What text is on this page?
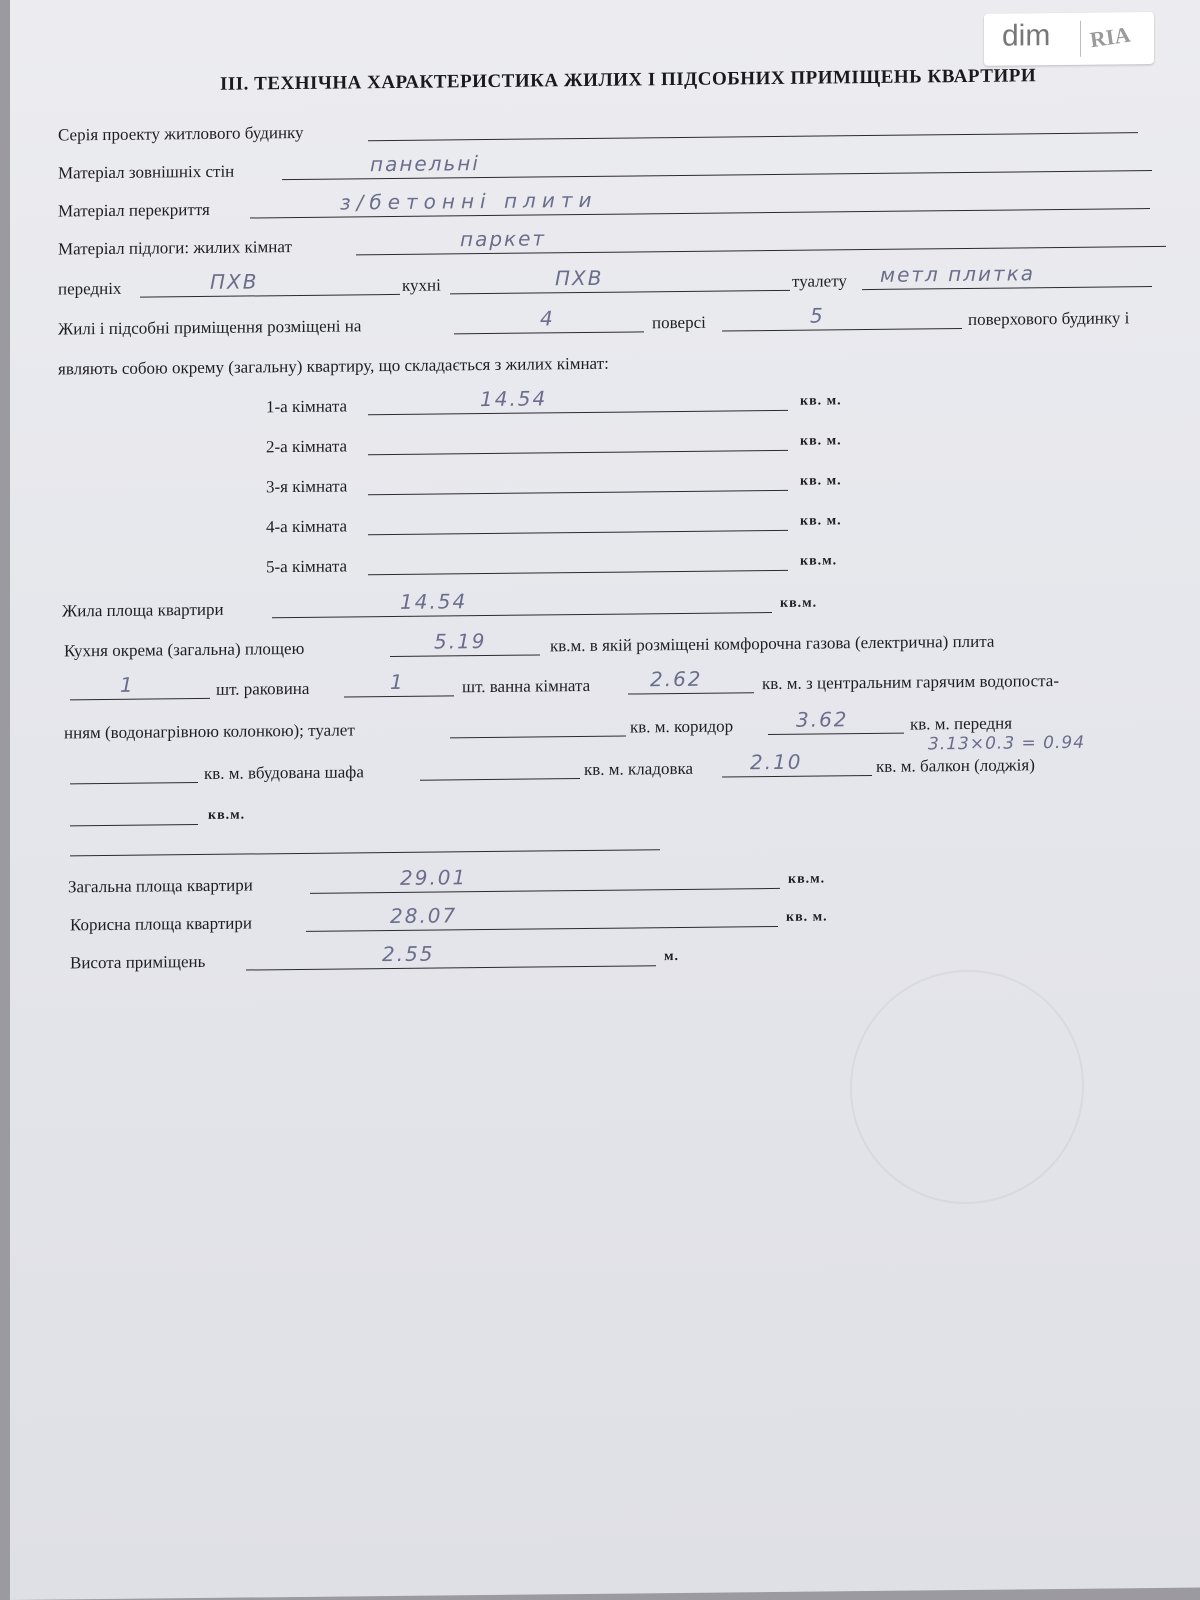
dim RIA
ІІІ. ТЕХНІЧНА ХАРАКТЕРИСТИКА ЖИЛИХ І ПІДСОБНИХ ПРИМІЩЕНЬ КВАРТИРИ
Серія проекту житлового будинку
Матеріал зовнішніх стін	панельні
Матеріал перекриття	з/бетонні плити
Матеріал підлоги: жилих кімнат	паркет
передніх	ПХВ	кухні	ПХВ	туалету метл плитка
Жилі і підсобні приміщення розміщені на	4	поверсі	5	поверхового будинку і
являють собою окрему (загальну) квартиру, що складається з жилих кімнат:
1-а кімната	14.54	кв. м.
2-а кімната	кв. м.
3-я кімната	кв. м.
4-а кімната	кв. м.
5-а кімната	кв.м.
Жила площа квартири	14.54	кв.м.
Кухня окрема (загальна) площею	5.19	кв.м. в якій розміщені комфорочна газова (електрична) плита
1	шт. раковина	1	шт. ванна кімната	2.62	кв. м. з центральним гарячим водопоста-
нням (водонагрівною колонкою); туалет	кв. м. коридор	3.62	кв. м. передня
3.13×0.3 = 0.94
кв. м. вбудована шафа	кв. м. кладовка	2.10	кв. м. балкон (лоджія)
кв.м.
Загальна площа квартири	29.01	кв.м.
Корисна площа квартири	28.07	кв. м.
Висота приміщень	2.55	м.
